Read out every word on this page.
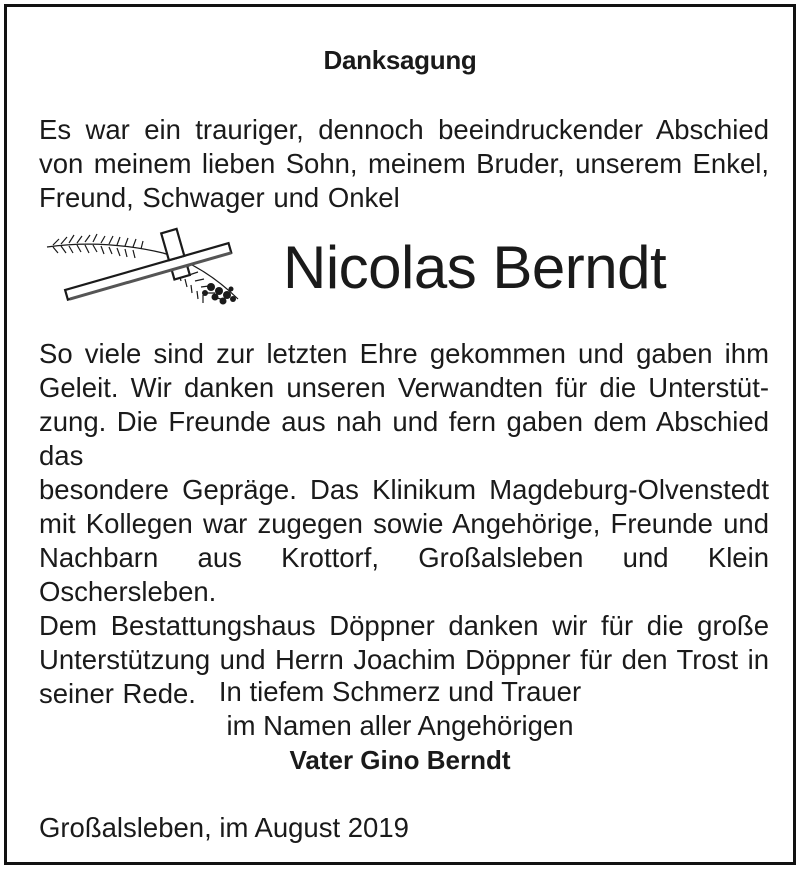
Danksagung
Es war ein trauriger, dennoch beeindruckender Abschied
von meinem lieben Sohn, meinem Bruder, unserem Enkel,
Freund, Schwager und Onkel
Nicolas Berndt
So viele sind zur letzten Ehre gekommen und gaben ihm
Geleit. Wir danken unseren Verwandten für die Unterstüt-
zung. Die Freunde aus nah und fern gaben dem Abschied das
besondere Gepräge. Das Klinikum Magdeburg-Olvenstedt
mit Kollegen war zugegen sowie Angehörige, Freunde und
Nachbarn aus Krottorf, Großalsleben und Klein Oschersleben.
Dem Bestattungshaus Döppner danken wir für die große
Unterstützung und Herrn Joachim Döppner für den Trost in
seiner Rede. In tiefem Schmerz und Trauer
im Namen aller Angehörigen
Vater Gino Berndt
Großalsleben, im August 2019
